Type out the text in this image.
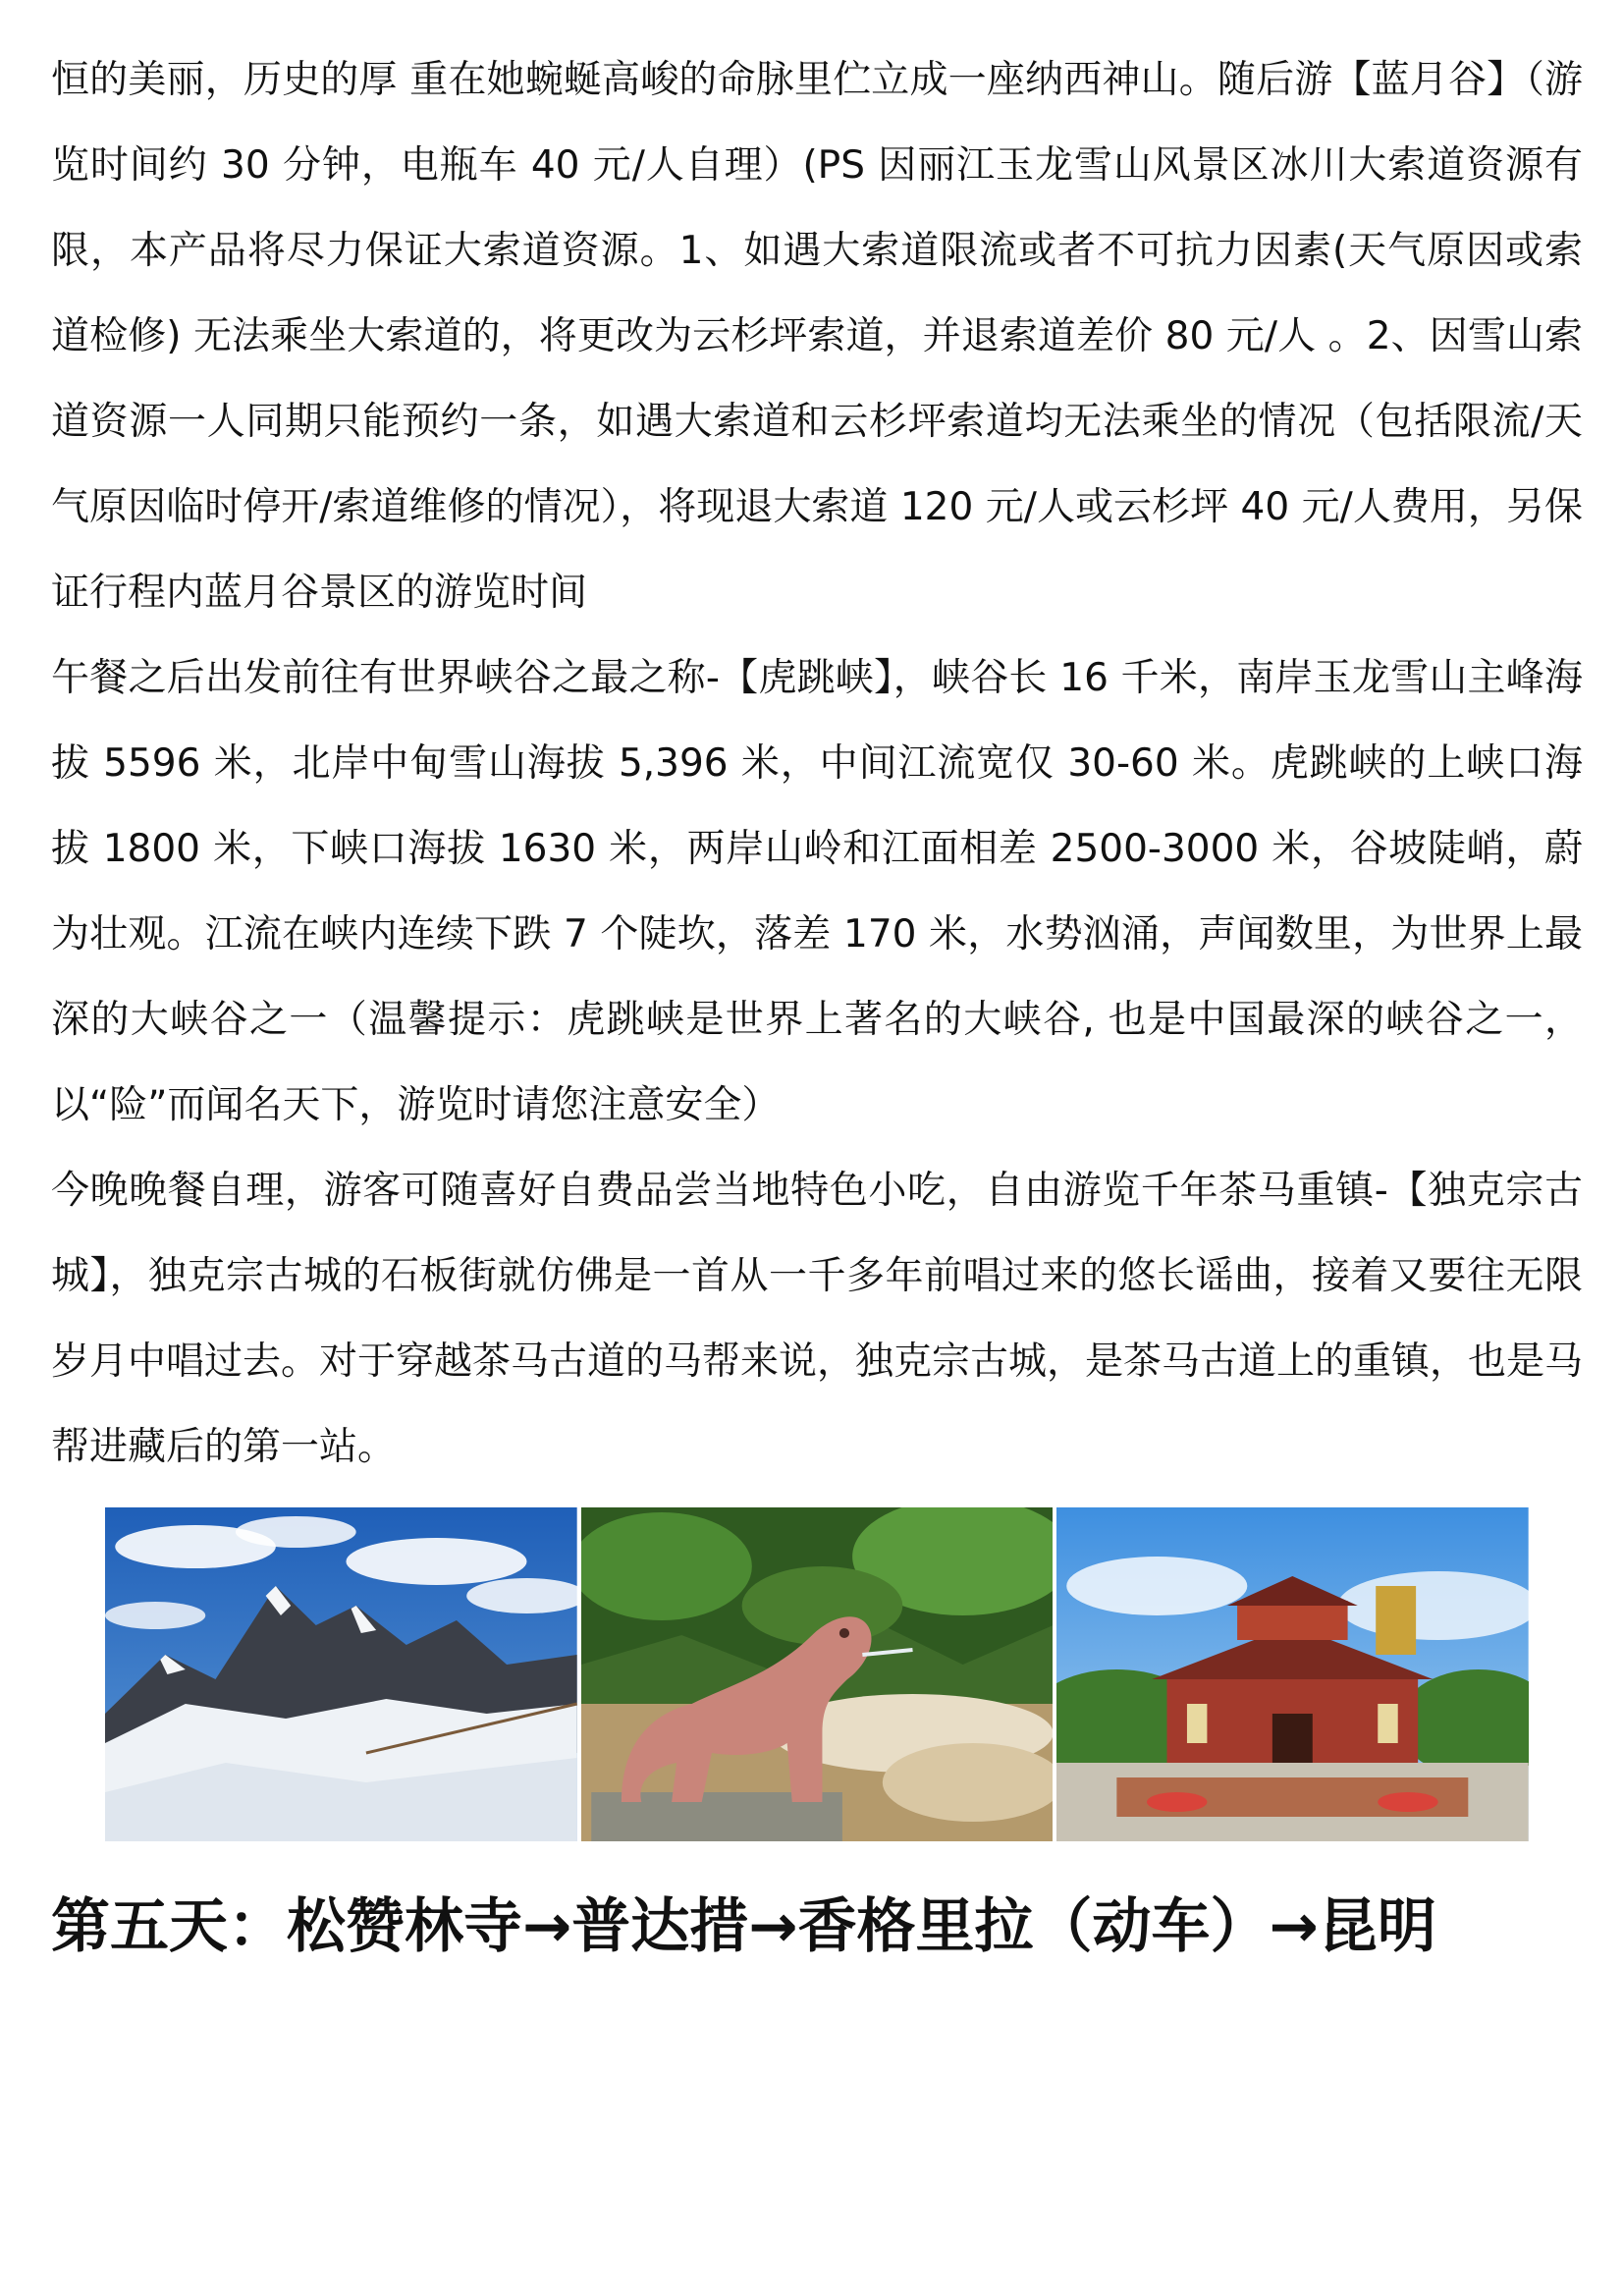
恒的美丽，历史的厚 重在她蜿蜒高峻的命脉里伫立成一座纳西神山。随后游【蓝月谷】（游览时间约 30 分钟，电瓶车 40 元/人自理）(PS 因丽江玉龙雪山风景区冰川大索道资源有限，本产品将尽力保证大索道资源。1、如遇大索道限流或者不可抗力因素(天气原因或索道检修) 无法乘坐大索道的，将更改为云杉坪索道，并退索道差价 80 元/人 。2、因雪山索道资源一人同期只能预约一条，如遇大索道和云杉坪索道均无法乘坐的情况（包括限流/天气原因临时停开/索道维修的情况），将现退大索道 120 元/人或云杉坪 40 元/人费用，另保证行程内蓝月谷景区的游览时间

午餐之后出发前往有世界峡谷之最之称-【虎跳峡】，峡谷长 16 千米，南岸玉龙雪山主峰海拔 5596 米，北岸中甸雪山海拔 5,396 米，中间江流宽仅 30-60 米。虎跳峡的上峡口海拔 1800 米，下峡口海拔 1630 米，两岸山岭和江面相差 2500-3000 米，谷坡陡峭，蔚为壮观。江流在峡内连续下跌 7 个陡坎，落差 170 米，水势汹涌，声闻数里，为世界上最深的大峡谷之一（温馨提示：虎跳峡是世界上著名的大峡谷, 也是中国最深的峡谷之一，以“险”而闻名天下，游览时请您注意安全）

今晚晚餐自理，游客可随喜好自费品尝当地特色小吃，自由游览千年茶马重镇-【独克宗古城】，独克宗古城的石板街就仿佛是一首从一千多年前唱过来的悠长谣曲，接着又要往无限岁月中唱过去。对于穿越茶马古道的马帮来说，独克宗古城，是茶马古道上的重镇，也是马帮进藏后的第一站。

第五天：松赞林寺→普达措→香格里拉（动车）→昆明
